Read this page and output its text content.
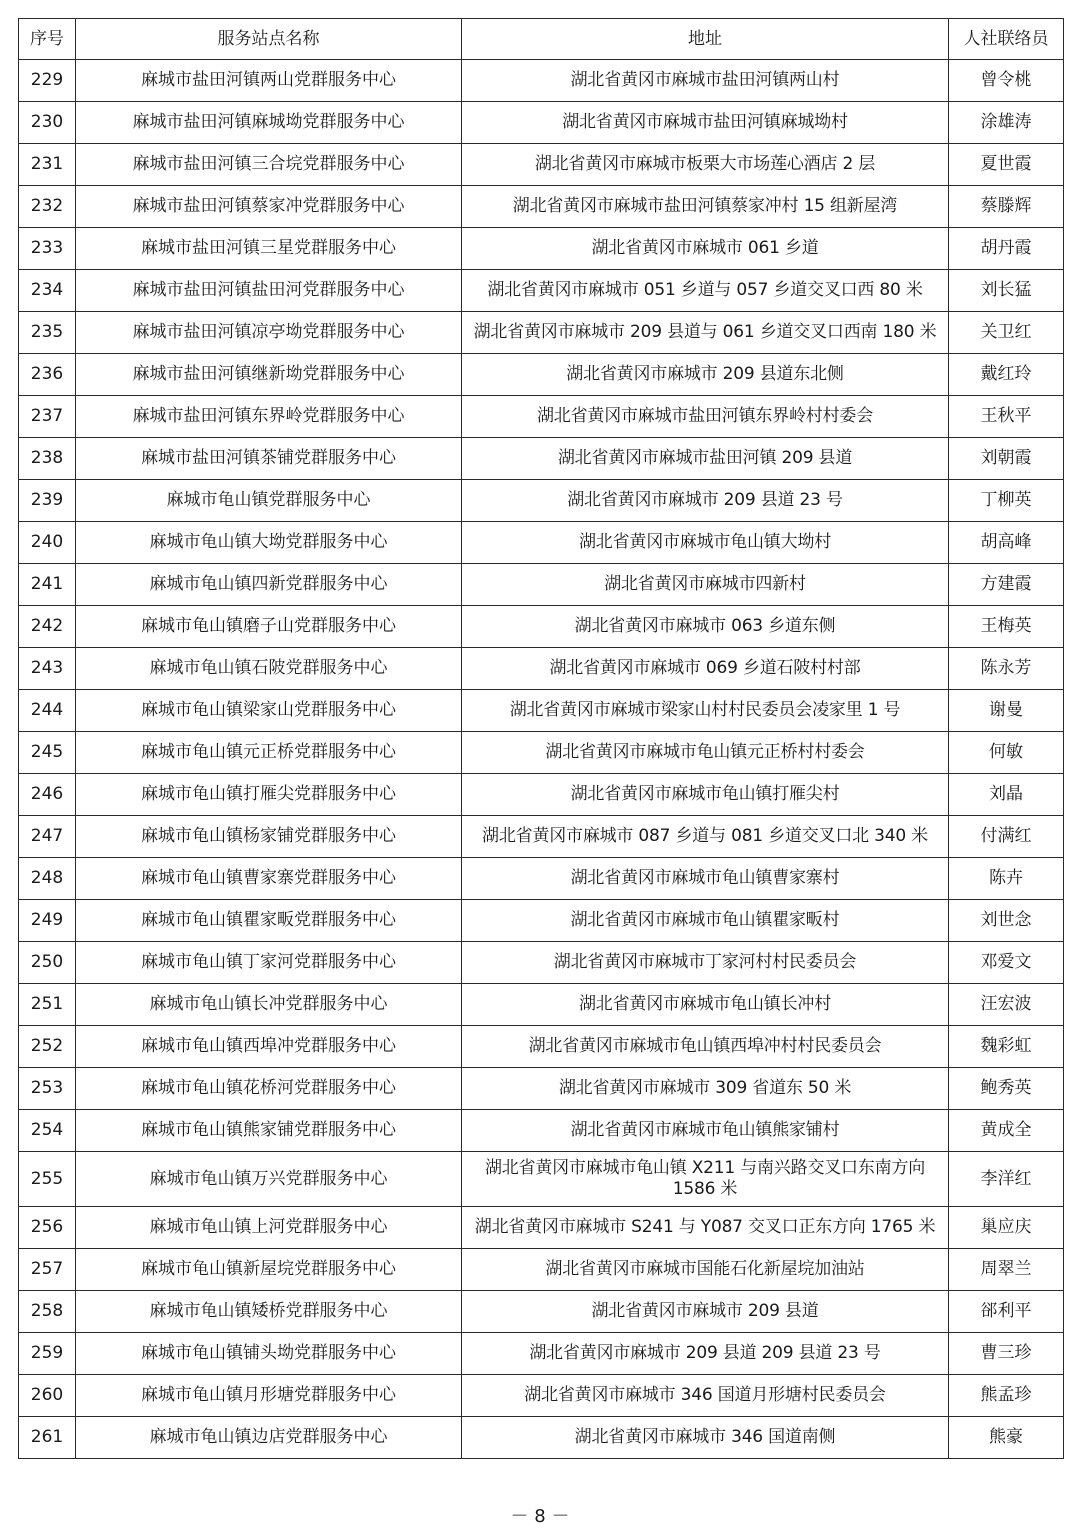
序号	服务站点名称	地址	人社联络员
229	麻城市盐田河镇两山党群服务中心	湖北省黄冈市麻城市盐田河镇两山村	曾令桃
230	麻城市盐田河镇麻城坳党群服务中心	湖北省黄冈市麻城市盐田河镇麻城坳村	涂雄涛
231	麻城市盐田河镇三合垸党群服务中心	湖北省黄冈市麻城市板栗大市场莲心酒店 2 层	夏世霞
232	麻城市盐田河镇蔡家冲党群服务中心	湖北省黄冈市麻城市盐田河镇蔡家冲村 15 组新屋湾	蔡滕辉
233	麻城市盐田河镇三星党群服务中心	湖北省黄冈市麻城市 061 乡道	胡丹霞
234	麻城市盐田河镇盐田河党群服务中心	湖北省黄冈市麻城市 051 乡道与 057 乡道交叉口西 80 米	刘长猛
235	麻城市盐田河镇凉亭坳党群服务中心	湖北省黄冈市麻城市 209 县道与 061 乡道交叉口西南 180 米	关卫红
236	麻城市盐田河镇继新坳党群服务中心	湖北省黄冈市麻城市 209 县道东北侧	戴红玲
237	麻城市盐田河镇东界岭党群服务中心	湖北省黄冈市麻城市盐田河镇东界岭村村委会	王秋平
238	麻城市盐田河镇茶铺党群服务中心	湖北省黄冈市麻城市盐田河镇 209 县道	刘朝霞
239	麻城市龟山镇党群服务中心	湖北省黄冈市麻城市 209 县道 23 号	丁柳英
240	麻城市龟山镇大坳党群服务中心	湖北省黄冈市麻城市龟山镇大坳村	胡高峰
241	麻城市龟山镇四新党群服务中心	湖北省黄冈市麻城市四新村	方建霞
242	麻城市龟山镇磨子山党群服务中心	湖北省黄冈市麻城市 063 乡道东侧	王梅英
243	麻城市龟山镇石陂党群服务中心	湖北省黄冈市麻城市 069 乡道石陂村村部	陈永芳
244	麻城市龟山镇梁家山党群服务中心	湖北省黄冈市麻城市梁家山村村民委员会凌家里 1 号	谢曼
245	麻城市龟山镇元正桥党群服务中心	湖北省黄冈市麻城市龟山镇元正桥村村委会	何敏
246	麻城市龟山镇打雁尖党群服务中心	湖北省黄冈市麻城市龟山镇打雁尖村	刘晶
247	麻城市龟山镇杨家铺党群服务中心	湖北省黄冈市麻城市 087 乡道与 081 乡道交叉口北 340 米	付满红
248	麻城市龟山镇曹家寨党群服务中心	湖北省黄冈市麻城市龟山镇曹家寨村	陈卉
249	麻城市龟山镇瞿家畈党群服务中心	湖北省黄冈市麻城市龟山镇瞿家畈村	刘世念
250	麻城市龟山镇丁家河党群服务中心	湖北省黄冈市麻城市丁家河村村民委员会	邓爱文
251	麻城市龟山镇长冲党群服务中心	湖北省黄冈市麻城市龟山镇长冲村	汪宏波
252	麻城市龟山镇西埠冲党群服务中心	湖北省黄冈市麻城市龟山镇西埠冲村村民委员会	魏彩虹
253	麻城市龟山镇花桥河党群服务中心	湖北省黄冈市麻城市 309 省道东 50 米	鲍秀英
254	麻城市龟山镇熊家铺党群服务中心	湖北省黄冈市麻城市龟山镇熊家铺村	黄成全
255	麻城市龟山镇万兴党群服务中心	湖北省黄冈市麻城市龟山镇 X211 与南兴路交叉口东南方向 1586 米	李洋红
256	麻城市龟山镇上河党群服务中心	湖北省黄冈市麻城市 S241 与 Y087 交叉口正东方向 1765 米	巢应庆
257	麻城市龟山镇新屋垸党群服务中心	湖北省黄冈市麻城市国能石化新屋垸加油站	周翠兰
258	麻城市龟山镇矮桥党群服务中心	湖北省黄冈市麻城市 209 县道	郤利平
259	麻城市龟山镇铺头坳党群服务中心	湖北省黄冈市麻城市 209 县道 209 县道 23 号	曹三珍
260	麻城市龟山镇月形塘党群服务中心	湖北省黄冈市麻城市 346 国道月形塘村民委员会	熊孟珍
261	麻城市龟山镇边店党群服务中心	湖北省黄冈市麻城市 346 国道南侧	熊豪
－ 8 －
